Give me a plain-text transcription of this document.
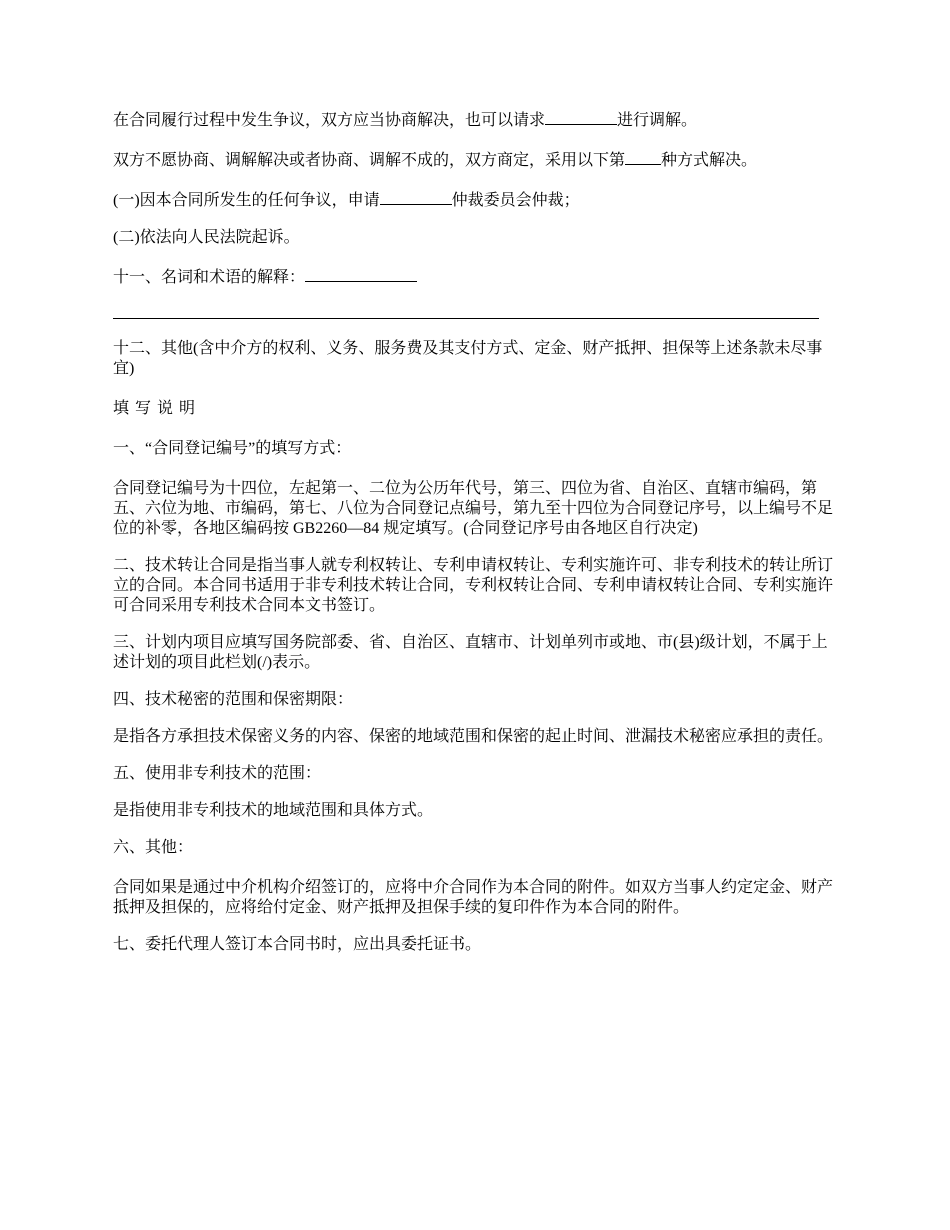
在合同履行过程中发生争议，双方应当协商解决，也可以请求	进行调解。

双方不愿协商、调解解决或者协商、调解不成的，双方商定，采用以下第 种方式解决。

(一)因本合同所发生的任何争议，申请	仲裁委员会仲裁；

(二)依法向人民法院起诉。

十一、名词和术语的解释：

十二、其他(含中介方的权利、义务、服务费及其支付方式、定金、财产抵押、担保等上述条款未尽事宜)

填写说明

一、“合同登记编号”的填写方式：

合同登记编号为十四位，左起第一、二位为公历年代号，第三、四位为省、自治区、直辖市编码，第五、六位为地、市编码，第七、八位为合同登记点编号，第九至十四位为合同登记序号，以上编号不足位的补零，各地区编码按 GB2260—84 规定填写。(合同登记序号由各地区自行决定)

二、技术转让合同是指当事人就专利权转让、专利申请权转让、专利实施许可、非专利技术的转让所订立的合同。本合同书适用于非专利技术转让合同，专利权转让合同、专利申请权转让合同、专利实施许可合同采用专利技术合同本文书签订。

三、计划内项目应填写国务院部委、省、自治区、直辖市、计划单列市或地、市(县)级计划，不属于上述计划的项目此栏划(/)表示。

四、技术秘密的范围和保密期限：

是指各方承担技术保密义务的内容、保密的地域范围和保密的起止时间、泄漏技术秘密应承担的责任。

五、使用非专利技术的范围：

是指使用非专利技术的地域范围和具体方式。

六、其他：

合同如果是通过中介机构介绍签订的，应将中介合同作为本合同的附件。如双方当事人约定定金、财产抵押及担保的，应将给付定金、财产抵押及担保手续的复印件作为本合同的附件。

七、委托代理人签订本合同书时，应出具委托证书。
